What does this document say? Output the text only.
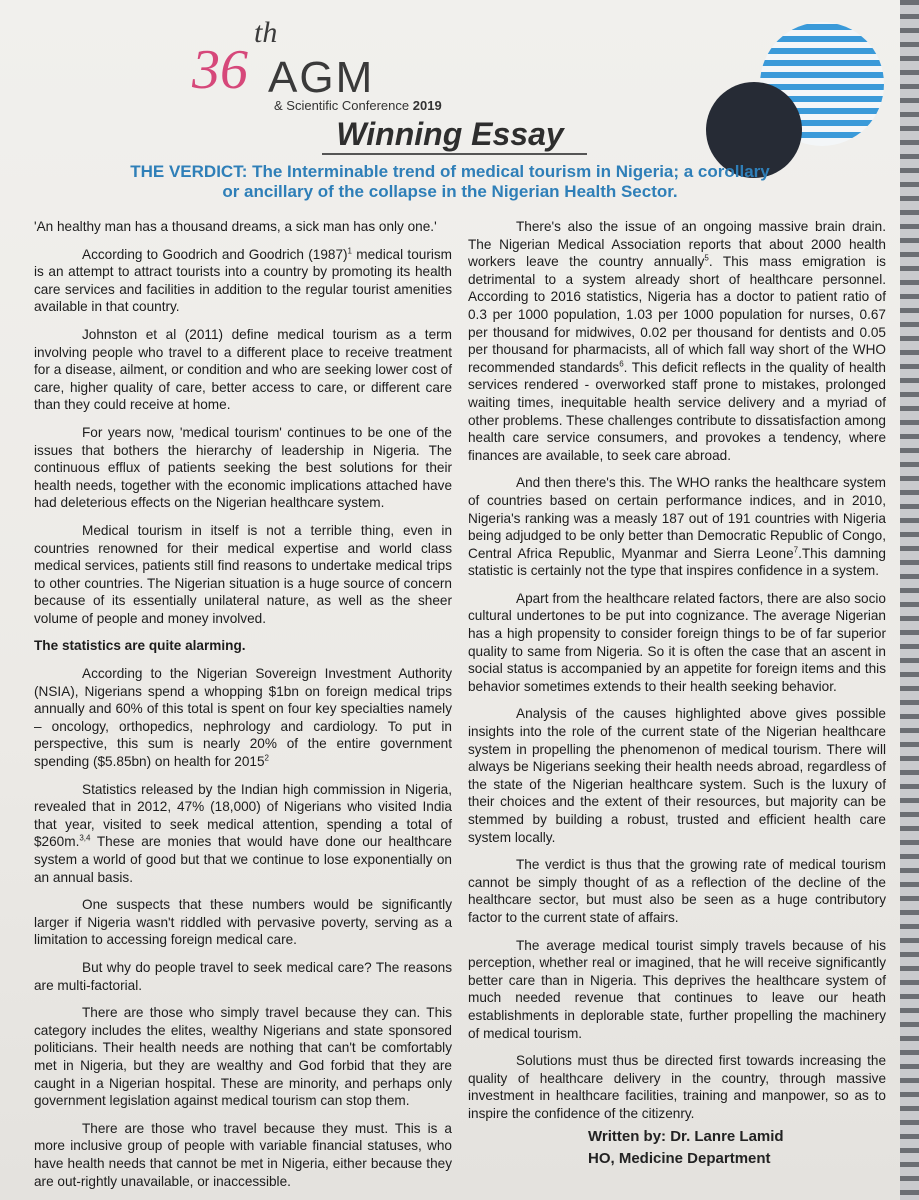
36
th
AGM
& Scientific Conference 2019
Winning Essay
THE VERDICT: The Interminable trend of medical tourism in Nigeria; a corollary or ancillary of the collapse in the Nigerian Health Sector.

'An healthy man has a thousand dreams, a sick man has only one.'

According to Goodrich and Goodrich $(1987)^1$ medical tourism is an attempt to attract tourists into a country by promoting its health care services and facilities in addition to the regular tourist amenities available in that country.

Johnston et al (2011) define medical tourism as a term involving people who travel to a different place to receive treatment for a disease, ailment, or condition and who are seeking lower cost of care, higher quality of care, better access to care, or different care than they could receive at home.

For years now, 'medical tourism' continues to be one of the issues that bothers the hierarchy of leadership in Nigeria. The continuous efflux of patients seeking the best solutions for their health needs, together with the economic implications attached have had deleterious effects on the Nigerian healthcare system.

Medical tourism in itself is not a terrible thing, even in countries renowned for their medical expertise and world class medical services, patients still find reasons to undertake medical trips to other countries. The Nigerian situation is a huge source of concern because of its essentially unilateral nature, as well as the sheer volume of people and money involved.

The statistics are quite alarming.

According to the Nigerian Sovereign Investment Authority (NSIA), Nigerians spend a whopping $1bn on foreign medical trips annually and 60% of this total is spent on four key specialties namely – oncology, orthopedics, nephrology and cardiology. To put in perspective, this sum is nearly 20% of the entire government spending ($5.85bn) on health for 2015$^2$

Statistics released by the Indian high commission in Nigeria, revealed that in 2012, 47% (18,000) of Nigerians who visited India that year, visited to seek medical attention, spending a total of $260m.$^{3,4}$ These are monies that would have done our healthcare system a world of good but that we continue to lose exponentially on an annual basis.

One suspects that these numbers would be significantly larger if Nigeria wasn't riddled with pervasive poverty, serving as a limitation to accessing foreign medical care.

But why do people travel to seek medical care? The reasons are multi-factorial.

There are those who simply travel because they can. This category includes the elites, wealthy Nigerians and state sponsored politicians. Their health needs are nothing that can't be comfortably met in Nigeria, but they are wealthy and God forbid that they are caught in a Nigerian hospital. These are minority, and perhaps only government legislation against medical tourism can stop them.

There are those who travel because they must. This is a more inclusive group of people with variable financial statuses, who have health needs that cannot be met in Nigeria, either because they are out-rightly unavailable, or inaccessible.

There's also the issue of an ongoing massive brain drain. The Nigerian Medical Association reports that about 2000 health workers leave the country annually$^5$. This mass emigration is detrimental to a system already short of healthcare personnel. According to 2016 statistics, Nigeria has a doctor to patient ratio of 0.3 per 1000 population, 1.03 per 1000 population for nurses, 0.67 per thousand for midwives, 0.02 per thousand for dentists and 0.05 per thousand for pharmacists, all of which fall way short of the WHO recommended standards$^6$. This deficit reflects in the quality of health services rendered - overworked staff prone to mistakes, prolonged waiting times, inequitable health service delivery and a myriad of other problems. These challenges contribute to dissatisfaction among health care service consumers, and provokes a tendency, where finances are available, to seek care abroad.

And then there's this. The WHO ranks the healthcare system of countries based on certain performance indices, and in 2010, Nigeria's ranking was a measly 187 out of 191 countries with Nigeria being adjudged to be only better than Democratic Republic of Congo, Central Africa Republic, Myanmar and Sierra Leone$^7$.This damning statistic is certainly not the type that inspires confidence in a system.

Apart from the healthcare related factors, there are also socio cultural undertones to be put into cognizance. The average Nigerian has a high propensity to consider foreign things to be of far superior quality to same from Nigeria. So it is often the case that an ascent in social status is accompanied by an appetite for foreign items and this behavior sometimes extends to their health seeking behavior.

Analysis of the causes highlighted above gives possible insights into the role of the current state of the Nigerian healthcare system in propelling the phenomenon of medical tourism. There will always be Nigerians seeking their health needs abroad, regardless of the state of the Nigerian healthcare system. Such is the luxury of their choices and the extent of their resources, but majority can be stemmed by building a robust, trusted and efficient health care system locally.

The verdict is thus that the growing rate of medical tourism cannot be simply thought of as a reflection of the decline of the healthcare sector, but must also be seen as a huge contributory factor to the current state of affairs.

The average medical tourist simply travels because of his perception, whether real or imagined, that he will receive significantly better care than in Nigeria. This deprives the healthcare system of much needed revenue that continues to leave our heath establishments in deplorable state, further propelling the machinery of medical tourism.

Solutions must thus be directed first towards increasing the quality of healthcare delivery in the country, through massive investment in healthcare facilities, training and manpower, so as to inspire the confidence of the citizenry.

Written by: Dr. Lanre Lamid
HO, Medicine Department
